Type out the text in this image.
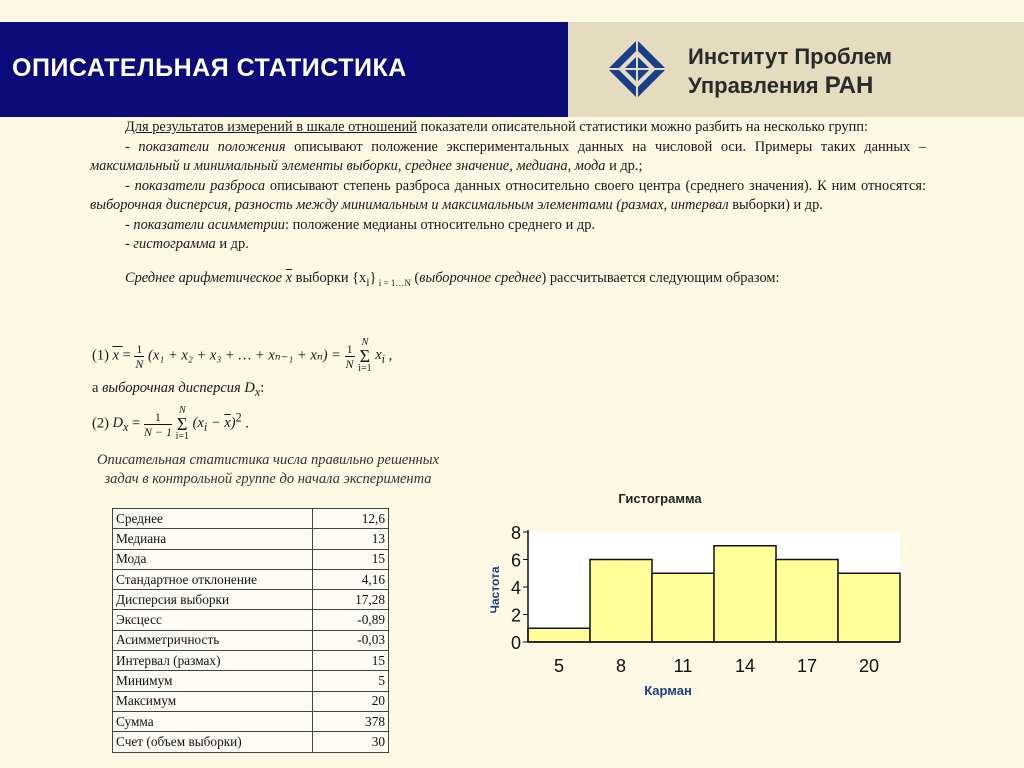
ОПИСАТЕЛЬНАЯ СТАТИСТИКА	Институт Проблем
Управления РАН

Для результатов измерений в шкале отношений показатели описательной статистики можно разбить на несколько групп:

- показатели положения описывают положение экспериментальных данных на числовой оси. Примеры таких данных – максимальный и минимальный элементы выборки, среднее значение, медиана, мода и др.;

- показатели разброса описывают степень разброса данных относительно своего центра (среднего значения). К ним относятся: выборочная дисперсия, разность между минимальным и максимальным элементами (размах, интервал выборки) и др.

- показатели асимметрии: положение медианы относительно среднего и др.

- гистограмма и др.

Среднее арифметическое $\overline{x}$ выборки $\{x_i\}$ $_{i = 1\dots N}$ (выборочное среднее) рассчитывается следующим образом:

(1) $x = \frac{1}{N} (x_1 + x_2 + x_3$ + … + $x_{n-1} + x_n) = \frac{1}{N}$
N
Σ
i=1
$x_i$ ,
а выборочная дисперсия $D_x$:
(2) $D_x = \frac{1}{N - 1}$
N
Σ
i=1
$(x_i - \overline{x})^2$ .
Описательная статистика числа правильно решенных задач в контрольной группе до начала эксперимента
Среднее	12,6
Медиана	13
Мода	15
Стандартное отклонение	4,16
Дисперсия выборки	17,28
Эксцесс	-0,89
Асимметричность	-0,03
Интервал (размах)	15
Минимум	5
Максимум	20
Сумма	378
Счет (объем выборки)	30
Гистограмма
Частота
Карман
0
2
4
6
8
5	8	11 14 17 20
